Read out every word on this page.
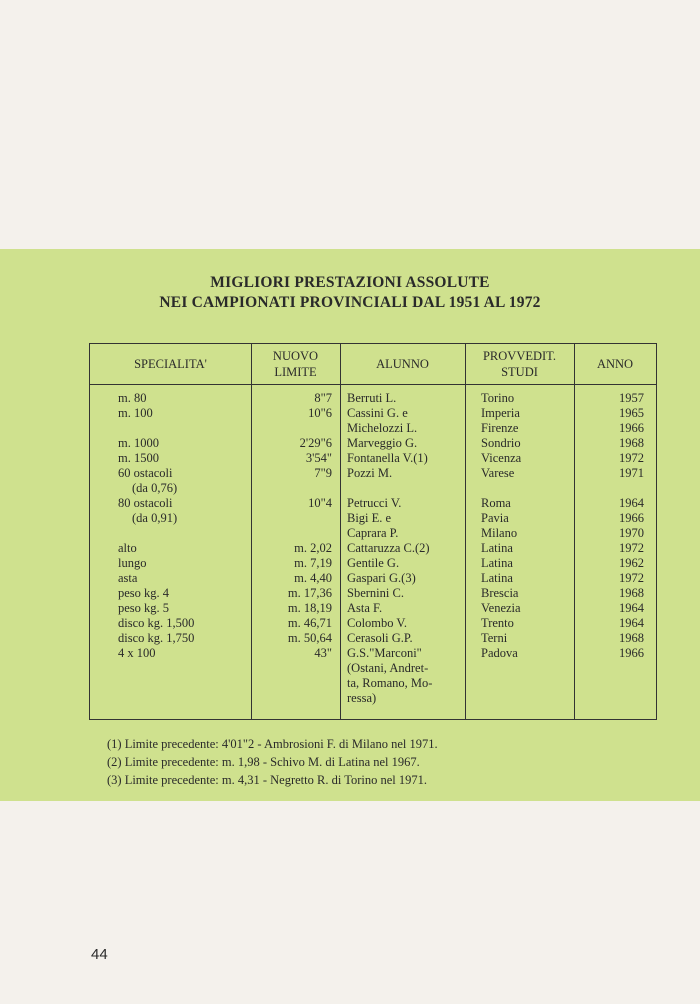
MIGLIORI PRESTAZIONI ASSOLUTE
NEI CAMPIONATI PROVINCIALI DAL 1951 AL 1972
SPECIALITA'
NUOVO
LIMITE
ALUNNO
PROVVEDIT.
STUDI
ANNO
m. 80
m. 100
m. 1000
m. 1500
60 ostacoli
(da 0,76)
80 ostacoli
(da 0,91)
alto
lungo
asta
peso kg. 4
peso kg. 5
disco kg. 1,500
disco kg. 1,750
4 x 100
8"7
10"6
2'29"6
3'54"
7"9
10"4
m. 2,02
m. 7,19
m. 4,40
m. 17,36
m. 18,19
m. 46,71
m. 50,64
43"
Berruti L.
Cassini G. e
Michelozzi L.
Marveggio G.
Fontanella V.(1)
Pozzi M.
Petrucci V.
Bigi E. e
Caprara P.
Cattaruzza C.(2)
Gentile G.
Gaspari G.(3)
Sbernini C.
Asta F.
Colombo V.
Cerasoli G.P.
G.S."Marconi"
(Ostani, Andret-
ta, Romano, Mo-
ressa)
Torino
Imperia
Firenze
Sondrio
Vicenza
Varese
Roma
Pavia
Milano
Latina
Latina
Latina
Brescia
Venezia
Trento
Terni
Padova
1957
1965
1966
1968
1972
1971
1964
1966
1970
1972
1962
1972
1968
1964
1964
1968
1966
(1) Limite precedente: 4'01"2 - Ambrosioni F. di Milano nel 1971.
(2) Limite precedente: m. 1,98 - Schivo M. di Latina nel 1967.
(3) Limite precedente: m. 4,31 - Negretto R. di Torino nel 1971.
44
